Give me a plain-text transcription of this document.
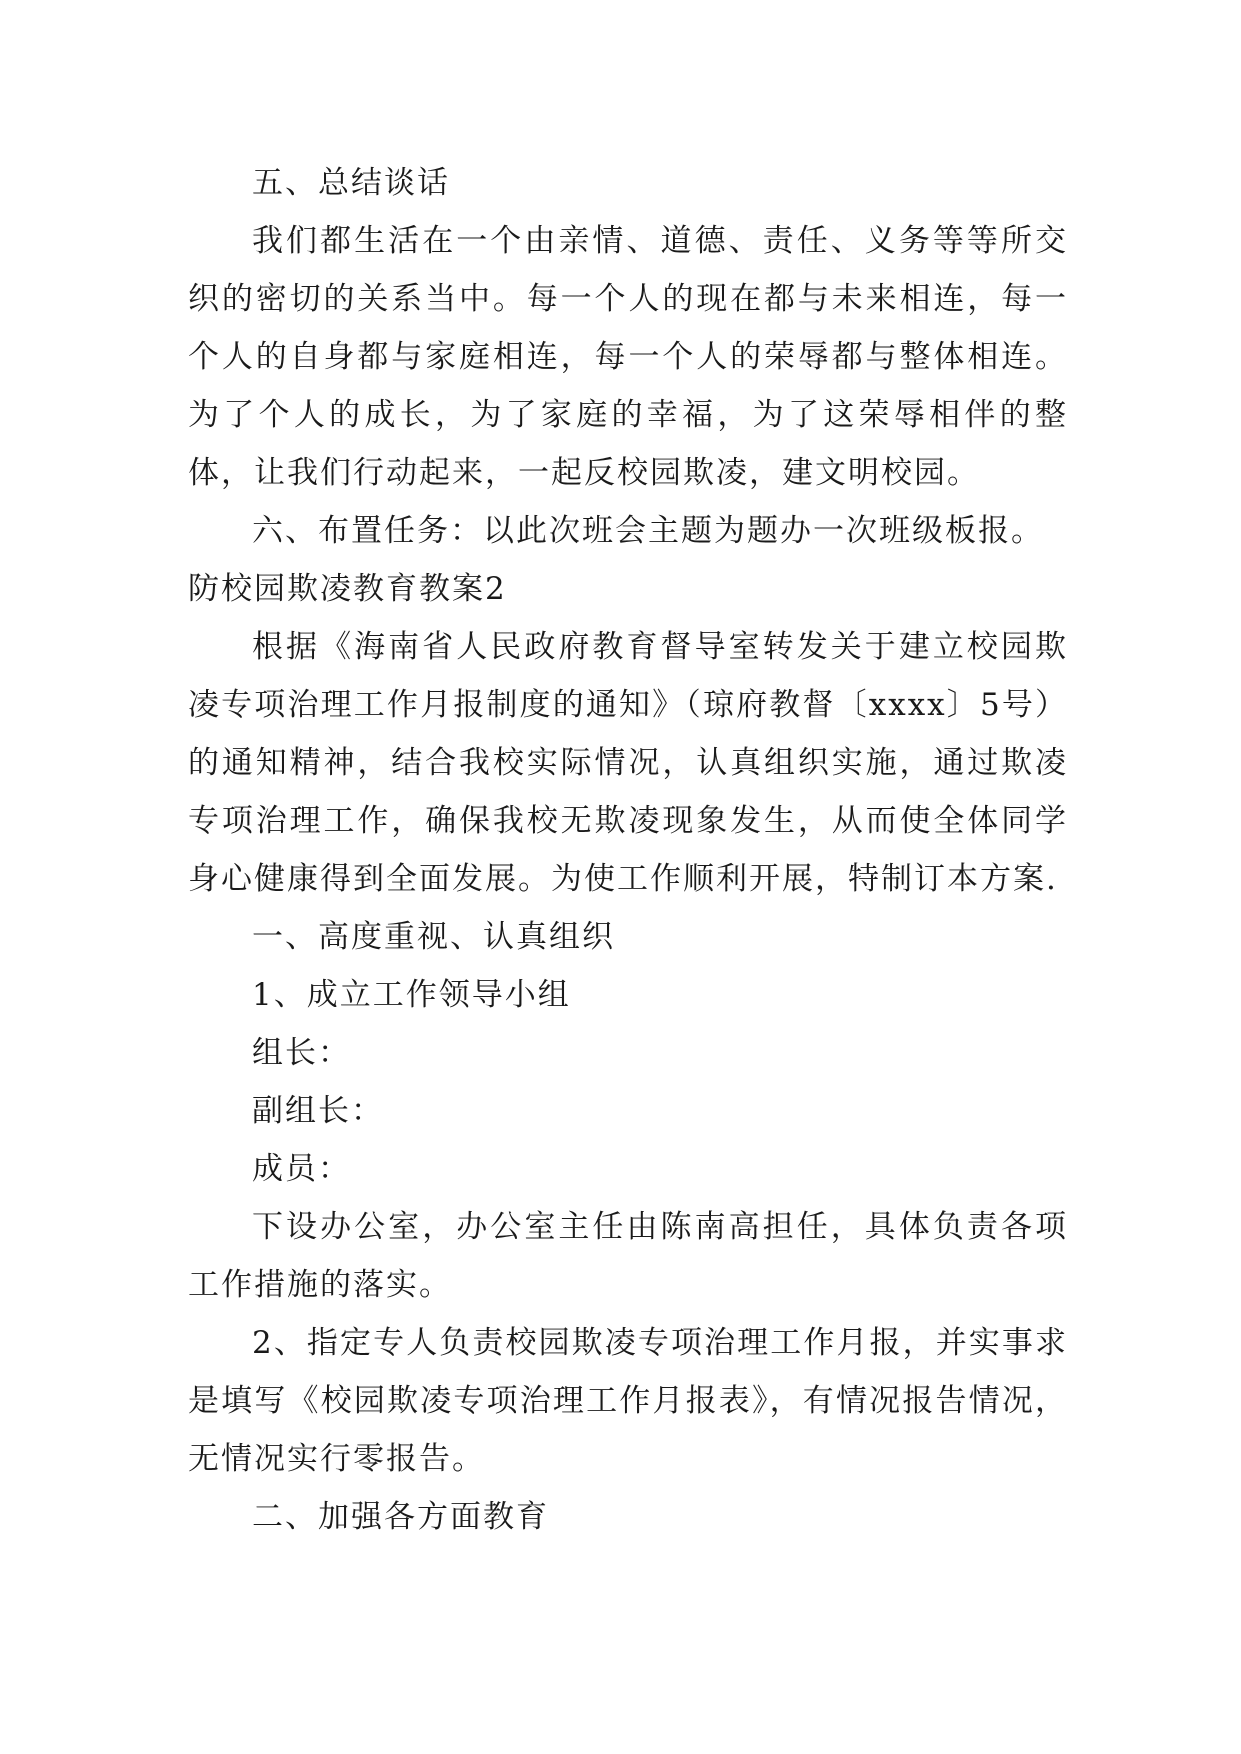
五、总结谈话

我们都生活在一个由亲情、道德、责任、义务等等所交织的密切的关系当中。每一个人的现在都与未来相连，每一个人的自身都与家庭相连，每一个人的荣辱都与整体相连。为了个人的成长，为了家庭的幸福，为了这荣辱相伴的整体，让我们行动起来，一起反校园欺凌，建文明校园。

六、布置任务：以此次班会主题为题办一次班级板报。

防校园欺凌教育教案2

根据《海南省人民政府教育督导室转发关于建立校园欺凌专项治理工作月报制度的通知》（琼府教督〔xxxx〕5号）的通知精神，结合我校实际情况，认真组织实施，通过欺凌专项治理工作，确保我校无欺凌现象发生，从而使全体同学身心健康得到全面发展。为使工作顺利开展，特制订本方案.

一、高度重视、认真组织

1、成立工作领导小组

组长：

副组长：

成员：

下设办公室，办公室主任由陈南高担任，具体负责各项工作措施的落实。

2、指定专人负责校园欺凌专项治理工作月报，并实事求是填写《校园欺凌专项治理工作月报表》，有情况报告情况，无情况实行零报告。

二、加强各方面教育
